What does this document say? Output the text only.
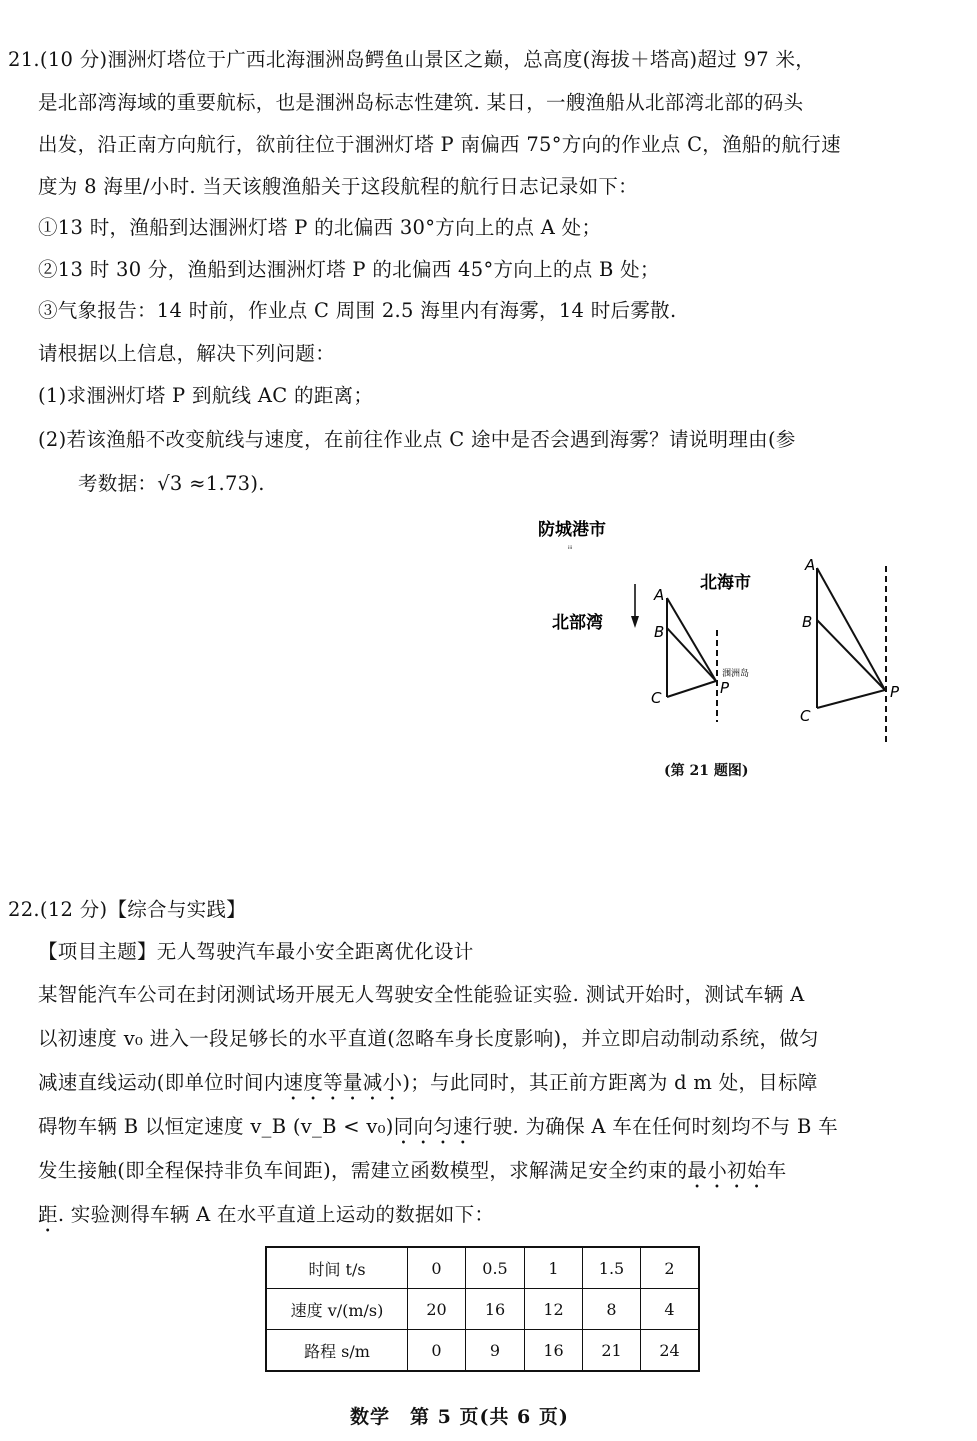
21.(10 分)涠洲灯塔位于广西北海涠洲岛鳄鱼山景区之巅，总高度(海拔＋塔高)超过 97 米，
是北部湾海域的重要航标，也是涠洲岛标志性建筑. 某日，一艘渔船从北部湾北部的码头
出发，沿正南方向航行，欲前往位于涠洲灯塔 P 南偏西 75°方向的作业点 C，渔船的航行速
度为 8 海里/小时. 当天该艘渔船关于这段航程的航行日志记录如下：
①13 时，渔船到达涠洲灯塔 P 的北偏西 30°方向上的点 A 处；
②13 时 30 分，渔船到达涠洲灯塔 P 的北偏西 45°方向上的点 B 处；
③气象报告：14 时前，作业点 C 周围 2.5 海里内有海雾，14 时后雾散.
请根据以上信息，解决下列问题：
(1)求涠洲灯塔 P 到航线 AC 的距离；
(2)若该渔船不改变航线与速度，在前往作业点 C 途中是否会遇到海雾？请说明理由(参
考数据：√3 ≈1.73).
防城港市
ᵢᵢᵢ
北海市
北部湾
涠洲岛
A
B
C
P
A
B
C
P
(第 21 题图)
22.(12 分)【综合与实践】
【项目主题】无人驾驶汽车最小安全距离优化设计
某智能汽车公司在封闭测试场开展无人驾驶安全性能验证实验. 测试开始时，测试车辆 A
以初速度 v₀ 进入一段足够长的水平直道(忽略车身长度影响)，并立即启动制动系统，做匀
减速直线运动(即单位时间内速度等量减小)；与此同时，其正前方距离为 d m 处，目标障
碍物车辆 B 以恒定速度 v_B (v_B < v₀)同向匀速行驶. 为确保 A 车在任何时刻均不与 B 车
发生接触(即全程保持非负车间距)，需建立函数模型，求解满足安全约束的最小初始车
距. 实验测得车辆 A 在水平直道上运动的数据如下：
时间 t/s	0	0.5	1	1.5	2
速度 v/(m/s)	20	16	12	8	4
路程 s/m	0	9	16	21	24
数学　第 5 页(共 6 页)
